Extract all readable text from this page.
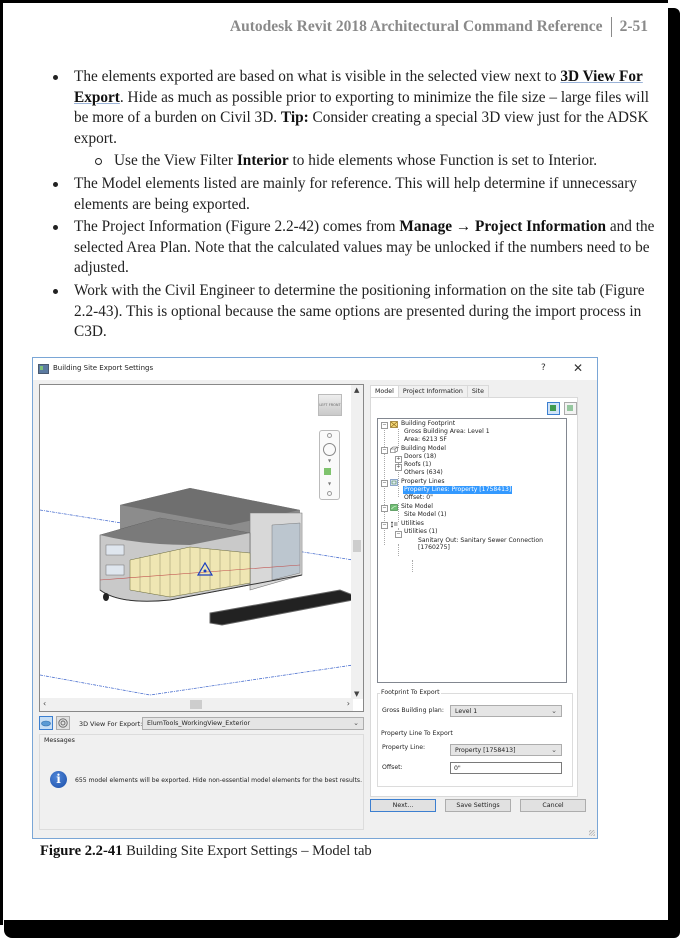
Autodesk Revit 2018 Architectural Command Reference 2-51
The elements exported are based on what is visible in the selected view next to 3D View For Export. Hide as much as possible prior to exporting to minimize the file size – large files will be more of a burden on Civil 3D. Tip: Consider creating a special 3D view just for the ADSK export.
Use the View Filter Interior to hide elements whose Function is set to Interior.
The Model elements listed are mainly for reference. This will help determine if unnecessary elements are being exported.
The Project Information (Figure 2.2-42) comes from Manage → Project Information and the selected Area Plan. Note that the calculated values may be unlocked if the numbers need to be adjusted.
Work with the Civil Engineer to determine the positioning information on the site tab (Figure 2.2-43). This is optional because the same options are presented during the import process in C3D.
Building Site Export Settings	? ✕
LEFT FRONT
▼
▼
▲
▼
‹	›
3D View For Export: ElumTools_WorkingView_Exterior	⌄
Messages
i	655 model elements will be exported. Hide non-essential model elements for the best results.
Model	Project Information	Site
− Building Footprint
Gross Building Area: Level 1
Area: 6213 SF
− Building Model
+ Doors (18)
+ Roofs (1)
Others (634)
− Property Lines
Property Lines: Property [1758413]
Offset: 0"
− Site Model
Site Model (1)
− Utilities
− Utilities (1)
Sanitary Out: Sanitary Sewer Connection
[1760275]
Footprint To Export
Gross Building plan:	Level 1	⌄
Property Line To Export
Property Line:	Property [1758413]	⌄
Offset:	0"
Next...	Save Settings	Cancel
Figure 2.2-41 Building Site Export Settings – Model tab
